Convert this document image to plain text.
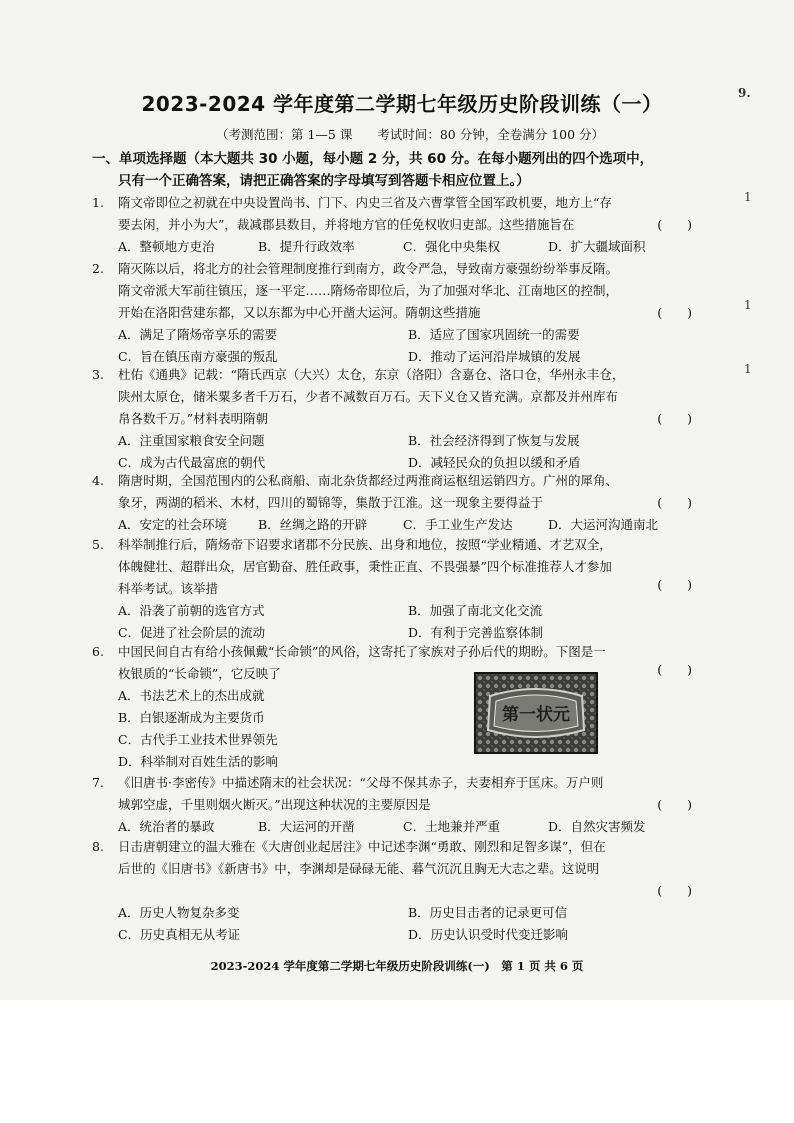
2023-2024 学年度第二学期七年级历史阶段训练（一）
（考测范围：第 1—5 课　　考试时间：80 分钟，全卷满分 100 分）
一、单项选择题（本大题共 30 小题，每小题 2 分，共 60 分。在每小题列出的四个选项中，
只有一个正确答案，请把正确答案的字母填写到答题卡相应位置上。）
1. 隋文帝即位之初就在中央设置尚书、门下、内史三省及六曹掌管全国军政机要，地方上“存
要去闲，并小为大”，裁减郡县数目，并将地方官的任免权收归吏部。这些措施旨在	(　　)
A．整顿地方吏治	B．提升行政效率	C．强化中央集权	D．扩大疆域面积
2. 隋灭陈以后，将北方的社会管理制度推行到南方，政令严急，导致南方豪强纷纷举事反隋。
隋文帝派大军前往镇压，逐一平定……隋炀帝即位后，为了加强对华北、江南地区的控制，
开始在洛阳营建东都，又以东都为中心开凿大运河。隋朝这些措施	(　　)
A．满足了隋炀帝享乐的需要	B．适应了国家巩固统一的需要
C．旨在镇压南方豪强的叛乱	D．推动了运河沿岸城镇的发展
3. 杜佑《通典》记载：“隋氏西京（大兴）太仓，东京（洛阳）含嘉仓、洛口仓，华州永丰仓，
陕州太原仓，储米粟多者千万石，少者不减数百万石。天下义仓又皆充满。京都及并州库布
帛各数千万。”材料表明隋朝	(　　)
A．注重国家粮食安全问题	B．社会经济得到了恢复与发展
C．成为古代最富庶的朝代	D．减轻民众的负担以缓和矛盾
4. 隋唐时期，全国范围内的公私商船、南北杂货都经过两淮商运枢纽运销四方。广州的犀角、
象牙，两湖的稻米、木材，四川的蜀锦等，集散于江淮。这一现象主要得益于	(　　)
A．安定的社会环境	B．丝绸之路的开辟	C．手工业生产发达	D．大运河沟通南北
5. 科举制推行后，隋炀帝下诏要求诸郡不分民族、出身和地位，按照“学业精通、才艺双全，
体魄健壮、超群出众，居官勤奋、胜任政事，秉性正直、不畏强暴”四个标准推荐人才参加
科举考试。该举措	(　　)
A．沿袭了前朝的选官方式	B．加强了南北文化交流
C．促进了社会阶层的流动	D．有利于完善监察体制
6. 中国民间自古有给小孩佩戴“长命锁”的风俗，这寄托了家族对子孙后代的期盼。下图是一
枚银质的“长命锁”，它反映了	(　　)
A．书法艺术上的杰出成就
B．白银逐渐成为主要货币
C．古代手工业技术世界领先
D．科举制对百姓生活的影响
第一状元
7. 《旧唐书·李密传》中描述隋末的社会状况：“父母不保其赤子，夫妻相弃于匡床。万户则
城郭空虚，千里则烟火断灭。”出现这种状况的主要原因是	(　　)
A．统治者的暴政	B．大运河的开凿	C．土地兼并严重	D．自然灾害频发
8. 日击唐朝建立的温大雅在《大唐创业起居注》中记述李渊“勇敢、刚烈和足智多谋”，但在
后世的《旧唐书》《新唐书》中，李渊却是碌碌无能、暮气沉沉且胸无大志之辈。这说明
(　　)
A．历史人物复杂多变	B．历史目击者的记录更可信
C．历史真相无从考证	D．历史认识受时代变迁影响
2023-2024 学年度第二学期七年级历史阶段训练(一)　第 1 页 共 6 页
9.
1
1
1
